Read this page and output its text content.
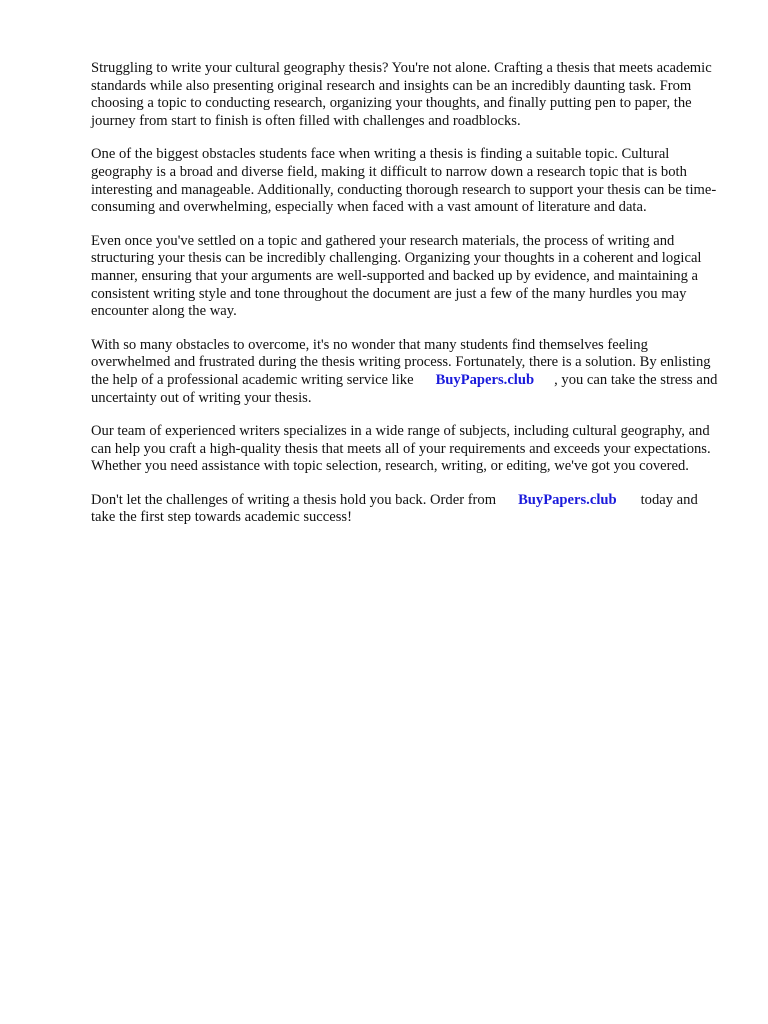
Struggling to write your cultural geography thesis? You're not alone. Crafting a thesis that meets academic standards while also presenting original research and insights can be an incredibly daunting task. From choosing a topic to conducting research, organizing your thoughts, and finally putting pen to paper, the journey from start to finish is often filled with challenges and roadblocks.

One of the biggest obstacles students face when writing a thesis is finding a suitable topic. Cultural geography is a broad and diverse field, making it difficult to narrow down a research topic that is both interesting and manageable. Additionally, conducting thorough research to support your thesis can be time-consuming and overwhelming, especially when faced with a vast amount of literature and data.

Even once you've settled on a topic and gathered your research materials, the process of writing and structuring your thesis can be incredibly challenging. Organizing your thoughts in a coherent and logical manner, ensuring that your arguments are well-supported and backed up by evidence, and maintaining a consistent writing style and tone throughout the document are just a few of the many hurdles you may encounter along the way.

With so many obstacles to overcome, it's no wonder that many students find themselves feeling overwhelmed and frustrated during the thesis writing process. Fortunately, there is a solution. By enlisting the help of a professional academic writing service like BuyPapers.club , you can take the stress and uncertainty out of writing your thesis.

Our team of experienced writers specializes in a wide range of subjects, including cultural geography, and can help you craft a high-quality thesis that meets all of your requirements and exceeds your expectations. Whether you need assistance with topic selection, research, writing, or editing, we've got you covered.

Don't let the challenges of writing a thesis hold you back. Order from BuyPapers.club today and take the first step towards academic success!
